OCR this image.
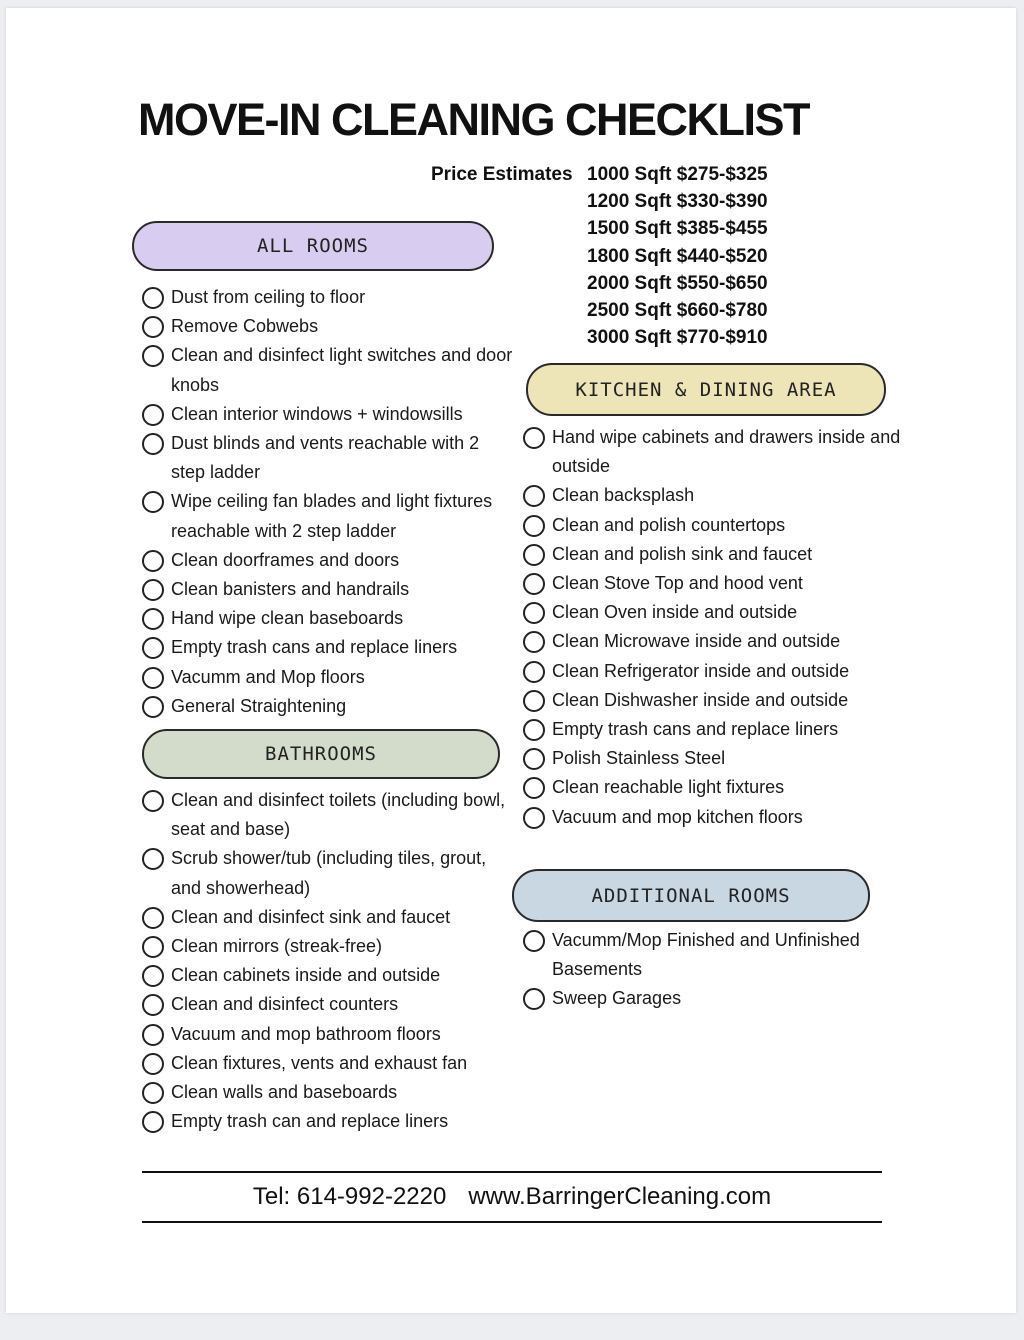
MOVE-IN CLEANING CHECKLIST
Price Estimates 1000 Sqft $275-$325
1200 Sqft $330-$390
1500 Sqft $385-$455
1800 Sqft $440-$520
2000 Sqft $550-$650
2500 Sqft $660-$780
3000 Sqft $770-$910
ALL ROOMS
Dust from ceiling to floor
Remove Cobwebs
Clean and disinfect light switches and door knobs
Clean interior windows + windowsills
Dust blinds and vents reachable with 2 step ladder
Wipe ceiling fan blades and light fixtures reachable with 2 step ladder
Clean doorframes and doors
Clean banisters and handrails
Hand wipe clean baseboards
Empty trash cans and replace liners
Vacumm and Mop floors
General Straightening
BATHROOMS
Clean and disinfect toilets (including bowl, seat and base)
Scrub shower/tub (including tiles, grout, and showerhead)
Clean and disinfect sink and faucet
Clean mirrors (streak-free)
Clean cabinets inside and outside
Clean and disinfect counters
Vacuum and mop bathroom floors
Clean fixtures, vents and exhaust fan
Clean walls and baseboards
Empty trash can and replace liners
KITCHEN & DINING AREA
Hand wipe cabinets and drawers inside and outside
Clean backsplash
Clean and polish countertops
Clean and polish sink and faucet
Clean Stove Top and hood vent
Clean Oven inside and outside
Clean Microwave inside and outside
Clean Refrigerator inside and outside
Clean Dishwasher inside and outside
Empty trash cans and replace liners
Polish Stainless Steel
Clean reachable light fixtures
Vacuum and mop kitchen floors
ADDITIONAL ROOMS
Vacumm/Mop Finished and Unfinished Basements
Sweep Garages
Tel: 614-992-2220 www.BarringerCleaning.com
